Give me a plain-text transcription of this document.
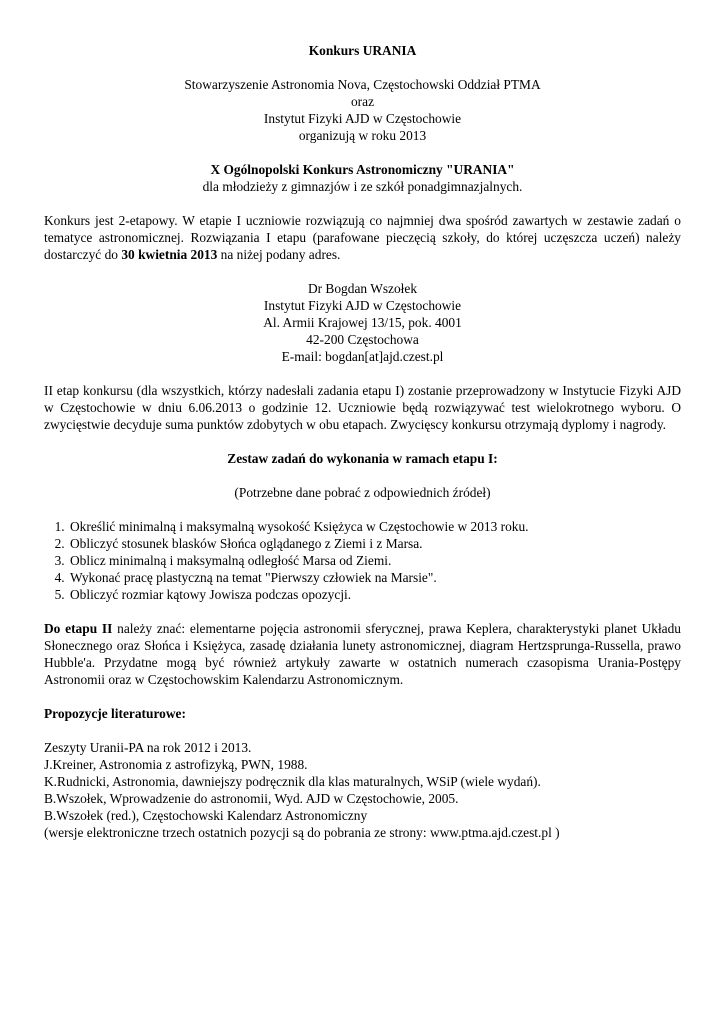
Konkurs URANIA

Stowarzyszenie Astronomia Nova, Częstochowski Oddział PTMA
oraz
Instytut Fizyki AJD w Częstochowie
organizują w roku 2013
X Ogólnopolski Konkurs Astronomiczny "URANIA"
dla młodzieży z gimnazjów i ze szkół ponadgimnazjalnych.

Konkurs jest 2-etapowy. W etapie I uczniowie rozwiązują co najmniej dwa spośród zawartych w zestawie zadań o tematyce astronomicznej. Rozwiązania I etapu (parafowane pieczęcią szkoły, do której uczęszcza uczeń) należy dostarczyć do 30 kwietnia 2013 na niżej podany adres.

Dr Bogdan Wszołek
Instytut Fizyki AJD w Częstochowie
Al. Armii Krajowej 13/15, pok. 4001
42-200 Częstochowa
E-mail: bogdan[at]ajd.czest.pl

II etap konkursu (dla wszystkich, którzy nadesłali zadania etapu I) zostanie przeprowadzony w Instytucie Fizyki AJD w Częstochowie w dniu 6.06.2013 o godzinie 12. Uczniowie będą rozwiązywać test wielokrotnego wyboru. O zwycięstwie decyduje suma punktów zdobytych w obu etapach. Zwycięscy konkursu otrzymają dyplomy i nagrody.

Zestaw zadań do wykonania w ramach etapu I:

(Potrzebne dane pobrać z odpowiednich źródeł)

1. Określić minimalną i maksymalną wysokość Księżyca w Częstochowie w 2013 roku.
2. Obliczyć stosunek blasków Słońca oglądanego z Ziemi i z Marsa.
3. Oblicz minimalną i maksymalną odległość Marsa od Ziemi.
4. Wykonać pracę plastyczną na temat "Pierwszy człowiek na Marsie".
5. Obliczyć rozmiar kątowy Jowisza podczas opozycji.

Do etapu II należy znać: elementarne pojęcia astronomii sferycznej, prawa Keplera, charakterystyki planet Układu Słonecznego oraz Słońca i Księżyca, zasadę działania lunety astronomicznej, diagram Hertzsprunga-Russella, prawo Hubble'a. Przydatne mogą być również artykuły zawarte w ostatnich numerach czasopisma Urania-Postępy Astronomii oraz w Częstochowskim Kalendarzu Astronomicznym.

Propozycje literaturowe:

Zeszyty Uranii-PA na rok 2012 i 2013.
J.Kreiner, Astronomia z astrofizyką, PWN, 1988.
K.Rudnicki, Astronomia, dawniejszy podręcznik dla klas maturalnych, WSiP (wiele wydań).
B.Wszołek, Wprowadzenie do astronomii, Wyd. AJD w Częstochowie, 2005.
B.Wszołek (red.), Częstochowski Kalendarz Astronomiczny
(wersje elektroniczne trzech ostatnich pozycji są do pobrania ze strony: www.ptma.ajd.czest.pl )
